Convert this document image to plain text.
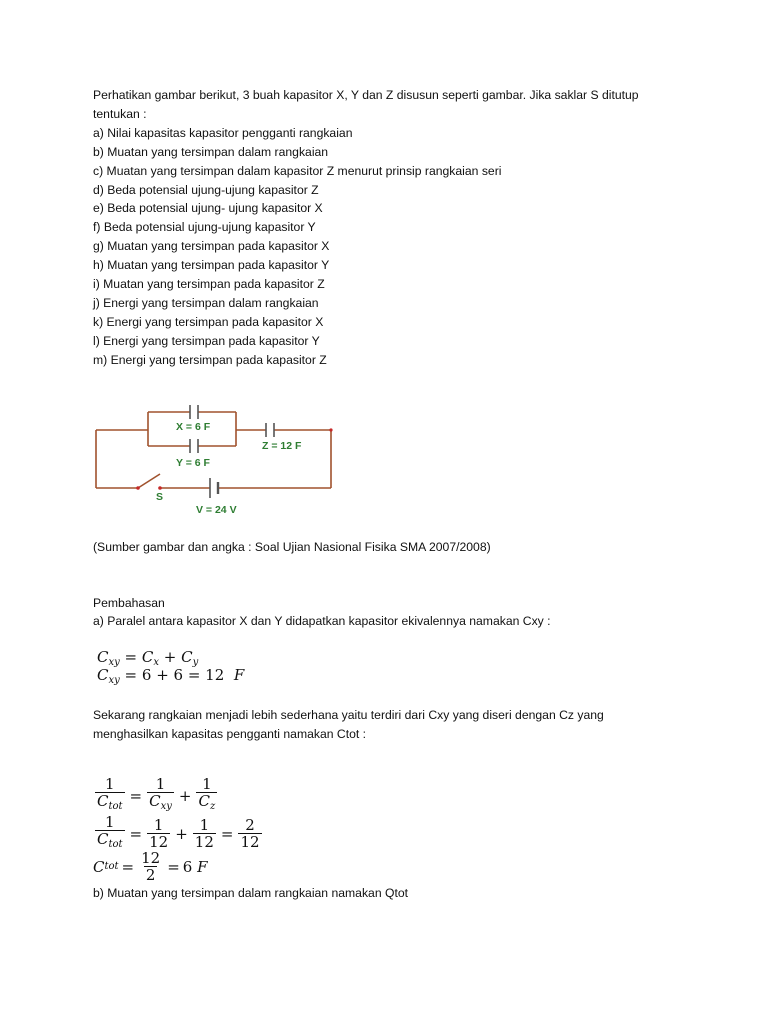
Perhatikan gambar berikut, 3 buah kapasitor X, Y dan Z disusun seperti gambar. Jika saklar S ditutup
tentukan :
a) Nilai kapasitas kapasitor pengganti rangkaian
b) Muatan yang tersimpan dalam rangkaian
c) Muatan yang tersimpan dalam kapasitor Z menurut prinsip rangkaian seri
d) Beda potensial ujung-ujung kapasitor Z
e) Beda potensial ujung- ujung kapasitor X
f) Beda potensial ujung-ujung kapasitor Y
g) Muatan yang tersimpan pada kapasitor X
h) Muatan yang tersimpan pada kapasitor Y
i) Muatan yang tersimpan pada kapasitor Z
j) Energi yang tersimpan dalam rangkaian
k) Energi yang tersimpan pada kapasitor X
l) Energi yang tersimpan pada kapasitor Y
m) Energi yang tersimpan pada kapasitor Z
X = 6 F
Y = 6 F
Z = 12 F
S
V = 24 V
(Sumber gambar dan angka : Soal Ujian Nasional Fisika SMA 2007/2008)
Pembahasan
a) Paralel antara kapasitor X dan Y didapatkan kapasitor ekivalennya namakan Cxy :
$C_{xy} = C_x + C_y$
$C_{xy} = 6 + 6 = 12$ F
Sekarang rangkaian menjadi lebih sederhana yaitu terdiri dari Cxy yang diseri dengan Cz yang
menghasilkan kapasitas pengganti namakan Ctot :
$\frac{1}{C_{tot}} = \frac{1}{C_{xy}} + \frac{1}{C_z}$
$\frac{1}{C_{tot}} = \frac{1}{12} + \frac{1}{12} = \frac{2}{12}$
C tot = $\frac{12}{2} = 6$
F
b) Muatan yang tersimpan dalam rangkaian namakan Qtot
